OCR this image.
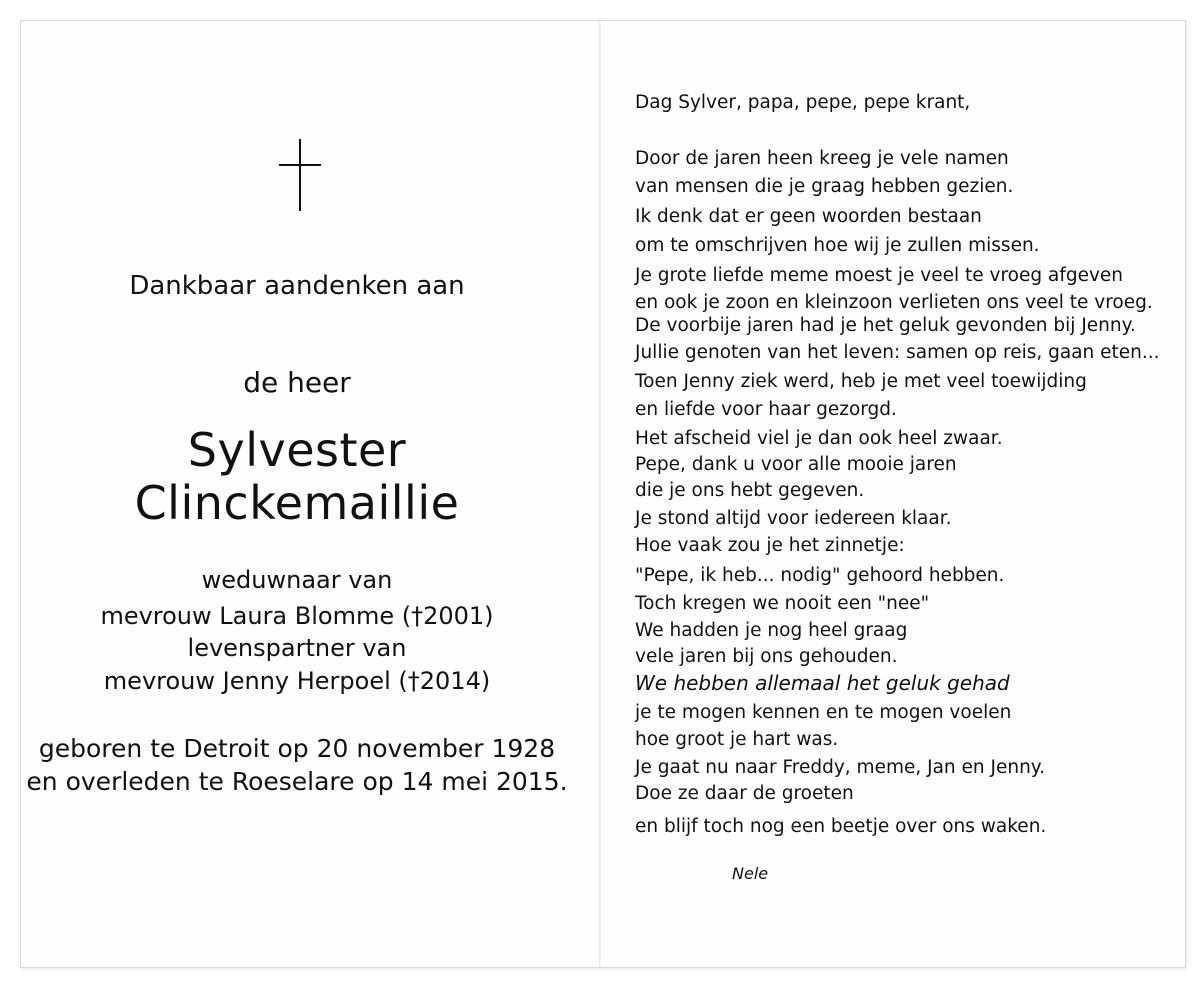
Dankbaar aandenken aan
de heer
Sylvester
Clinckemaillie
weduwnaar van
mevrouw Laura Blomme (†2001)
levenspartner van
mevrouw Jenny Herpoel (†2014)
geboren te Detroit op 20 november 1928
en overleden te Roeselare op 14 mei 2015.
Dag Sylver, papa, pepe, pepe krant,
Door de jaren heen kreeg je vele namen
van mensen die je graag hebben gezien.
Ik denk dat er geen woorden bestaan
om te omschrijven hoe wij je zullen missen.
Je grote liefde meme moest je veel te vroeg afgeven
en ook je zoon en kleinzoon verlieten ons veel te vroeg.
De voorbije jaren had je het geluk gevonden bij Jenny.
Jullie genoten van het leven: samen op reis, gaan eten...
Toen Jenny ziek werd, heb je met veel toewijding
en liefde voor haar gezorgd.
Het afscheid viel je dan ook heel zwaar.
Pepe, dank u voor alle mooie jaren
die je ons hebt gegeven.
Je stond altijd voor iedereen klaar.
Hoe vaak zou je het zinnetje:
"Pepe, ik heb... nodig" gehoord hebben.
Toch kregen we nooit een "nee"
We hadden je nog heel graag
vele jaren bij ons gehouden.
We hebben allemaal het geluk gehad
je te mogen kennen en te mogen voelen
hoe groot je hart was.
Je gaat nu naar Freddy, meme, Jan en Jenny.
Doe ze daar de groeten
en blijf toch nog een beetje over ons waken.
Nele
